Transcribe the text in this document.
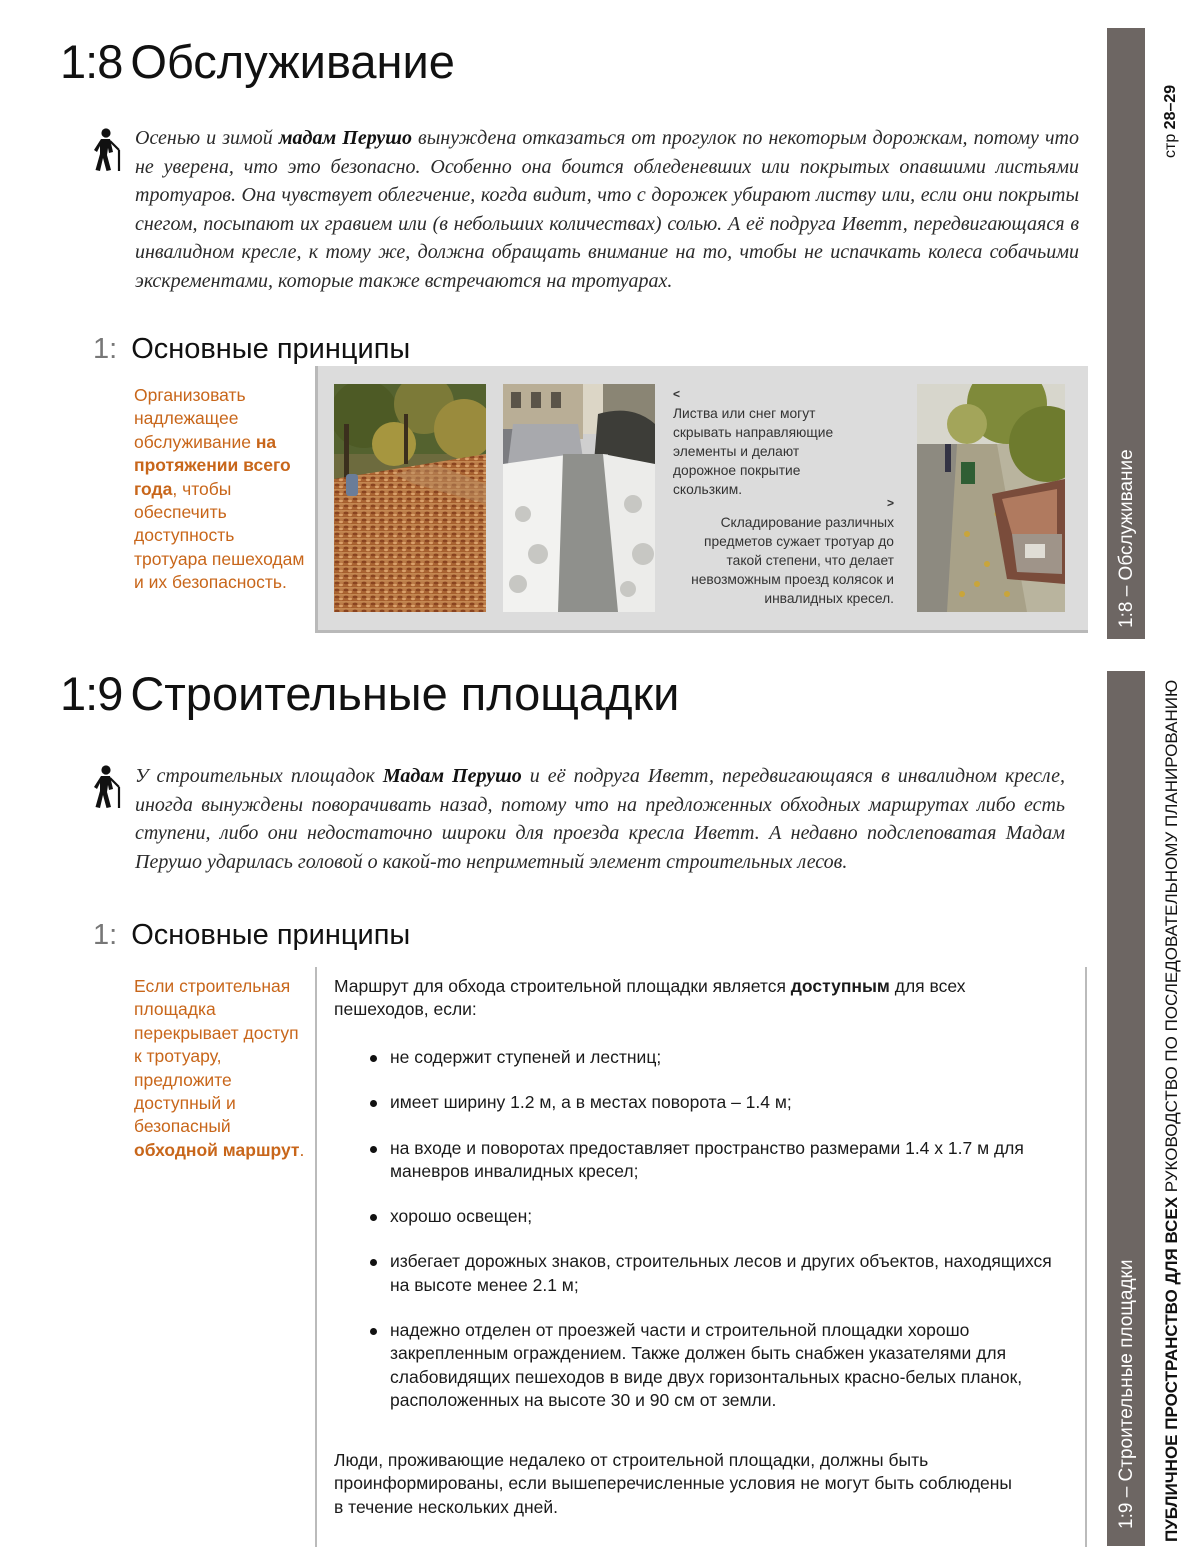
1:8 Обслуживание
Осенью и зимой мадам Перушо вынуждена отказаться от прогулок по некоторым дорожкам, потому что не уверена, что это безопасно. Особенно она боится обледеневших или покрытых опавшими листьями тротуаров. Она чувствует облегчение, когда видит, что с дорожек убирают листву или, если они покрыты снегом, посыпают их гравием или (в небольших количествах) солью. А её подруга Иветт, передвигающаяся в инвалидном кресле, к тому же, должна обращать внимание на то, чтобы не испачкать колеса собачьими экскрементами, которые также встречаются на тротуарах.
1: Основные принципы
Организовать надлежащее обслуживание на протяжении всего года, чтобы обеспечить доступность тротуара пешеходам и их безопасность.
<
Листва или снег могут скрывать направляющие элементы и делают дорожное покрытие скользким.
>
Складирование различных предметов сужает тротуар до такой степени, что делает невозможным проезд колясок и инвалидных кресел.
1:9 Строительные площадки
У строительных площадок Мадам Перушо и её подруга Иветт, передвигающаяся в инвалидном кресле, иногда вынуждены поворачивать назад, потому что на предложенных обходных маршрутах либо есть ступени, либо они недостаточно широки для проезда кресла Иветт. А недавно подслеповатая Мадам Перушо ударилась головой о какой-то неприметный элемент строительных лесов.
1: Основные принципы
Если строительная площадка перекрывает доступ к тротуару, предложите доступный и безопасный обходной маршрут.
Маршрут для обхода строительной площадки является доступным для всех пешеходов, если:
не содержит ступеней и лестниц;
имеет ширину 1.2 м, а в местах поворота – 1.4 м;
на входе и поворотах предоставляет пространство размерами 1.4 x 1.7 м для маневров инвалидных кресел;
хорошо освещен;
избегает дорожных знаков, строительных лесов и других объектов, находящихся на высоте менее 2.1 м;
надежно отделен от проезжей части и строительной площадки хорошо закрепленным ограждением. Также должен быть снабжен указателями для слабовидящих пешеходов в виде двух горизонтальных красно-белых планок, расположенных на высоте 30 и 90 см от земли.
Люди, проживающие недалеко от строительной площадки, должны быть проинформированы, если вышеперечисленные условия не могут быть соблюдены в течение нескольких дней.
1:8 – Обслуживание
1:9 – Строительные площадки
стр 28–29
ПУБЛИЧНОЕ ПРОСТРАНСТВО ДЛЯ ВСЕХ РУКОВОДСТВО ПО ПОСЛЕДОВАТЕЛЬНОМУ ПЛАНИРОВАНИЮ
